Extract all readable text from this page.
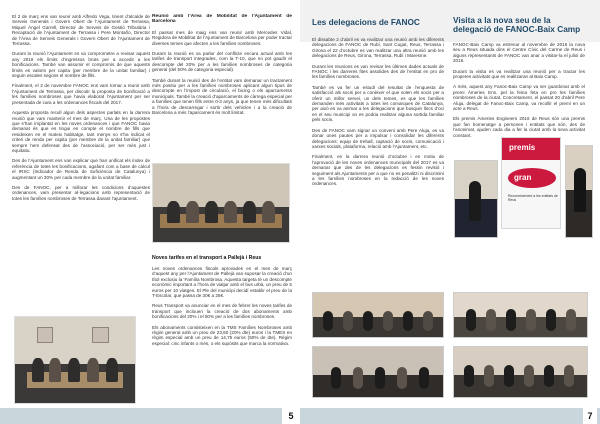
El 2 de març ens van reunir amb Alfredo Vega, tinent d’alcalde de Serveis Generals i Govern Obert de l’Ajuntament de Terrassa, Miquel Àngel Garrell, Director de Serveis de Gestió Tributària i Recaptació de l’Ajuntament de Terrassa i Pere Montaño, Director de l’Àrea de Serveis Generals i Govern Obert de l’Ajuntament de Terrassa.

Durant la reunió l’Ajuntament es va comprometre a revisar aquest any 2016 els límits d’ingressos bruts per a accedir a les bonificacions. També van assumir el compromís de que aquests límits es valorin per capita (per membre de la unitat familiar) i seguin escales segons el nombre de fills.

Finalment, el 2 de novembre FANOC ens vam tornar a reunir amb l’Ajuntament de Terrassa, per discutir la proposta de bonificació a les famílies nombroses que havia elaborat l’Ajuntament per ser presentada de cara a les ordenances fiscals del 2017.

Aquesta proposta recull algun dels aspectes parlats en la darrera reunió que vam mantenir el mes de març. Una de les propostes que s’han implantat en les noves ordenances i que FANOC havia demanat és que es tingui en compte el nombre de fills que resideixen en el mateix habitatge, tant menys no s’ha indicat el criteri de renda per capita (per membre de la unitat familiar) que sempre hem defensat des de l’associació, per ser més just i equitatiu.

Des de l’Ajuntament ens van explicar que han unificat els índex de referència de totes les bonificacions, agafant com a base de càlcul el IRSC (Indicador de Renda de Suficiència de Catalunya) i augmentant un 30% per cada membre de la unitat familiar.

Des de FANOC, per a millorar les condicions d’aquestes ordenances, vam presentar al·legacions amb representació de totes les famílies nombroses de Terrassa davant l’ajuntament.

Reunió amb l’Àrea de Mobilitat de l’Ajuntament de Barcelona

El passat mes de maig ens van reunir amb Mercedes Vidal, Regidora de Mobilitat de l’Ajuntament de Barcelona per poder tractar diverses temes que afecten a les famílies nombroses.

Durant la reunió es va parlar del conflicte encara actual amb les tarifes de transport integrades, com la T-10, que no pot gaudir el descompte del 20% per a les famílies nombroses de categoria general (del 50% de categoria especial).

També durant la reunió des de l’entitat vam demanar un tractament més positiu per a les famílies nombroses aplicant algun tipus de descompte en l’impost de circulació, el bicing o els aparcaments municipals. També la creació d’aparcaments de càrrega especial per a famílies que tenen fills entre 0-3 anys, ja que tenen més dificultats a l’hora de descarregar i sortir dels vehicles i a la creació de Barcelona a més l’aparcament és molt limitat.

Noves tarifes en el transport a Pallejà i Reus

Les noves ordenances fiscals aprovades en el mes de març d’aquest any per l’Ajuntament de Pallejà van suposar la creació d’un títol exclusiu la ‘Família Nombrosa. Aquesta targeta té un descompte econòmic important a l’hora de viatjar amb el bus urbà, un preu de 5 euros per 10 viatges. El Ple del municipi decidí establir el preu de la T-Escolar, que passa de 30€ a 25€.

Reus Transport va anunciar en el mes de febrer les noves tarifes de transport que inclouen la creació de dos abonaments amb bonificacions del 20% i el 50% per a les famílies nombroses.

Els abonaments consisteixen en la TMS Famílies Nombroses amb règim general amb un preu de 23,60 (20% dte) euros i la TMES en règim especial amb un preu de 14,75 euros (50% de dte). Règim especial: cinc infants o més, o els supòsits que marca la normativa.

5
Les delegacions de FANOC

El dissabte 2 d’abril es va realitzar una reunió amb les diferents delegacions de FANOC de Rubí, Sant Cugat, Reus, Terrassa i Girona el 22 d’octubre es van realitzar una altra reunió amb les delegacions de Reus, Girona, Terrassa, Rubí i Maresme.

Durant les reunions es van revisar les últimes dades actuals de FANOC i les darreres fites assolides des de l’entitat en pro de les famílies nombroses.

També es va fer un estudi del resultat de l’enquesta de satisfacció als socis per a conèixer el que volen els socis per a oferir un millor servei, un dels temes, es que les famílies demanden més activitats a totes les comarques de Catalunya, per això es va animar a les delegacions que busquin llocs d’oci en el seu municipi on es podria realitzar alguna sortida familiar pels socis.

Des de FANOC vam signar un conveni amb Pere Aluja, es va donar unes pautes per a impulsar i consolidar les diferents delegacions: equip de treball, captació de socis, comunicació i xarxes socials, plataforma, relació amb l’Ajuntament, etc.

Finalment, en la darrera reunió d’octubre i en motiu de l’aprovació de les noves ordenances municipals del 2017 es va demanar que des de les delegacions es fessin revisió i seguiment als Ajuntaments per a que no es penalitzi ni discrimini a les famílies nombroses en la redacció de les noves ordenances.

Visita a la nova seu de la delegació de FANOC-Baix Camp

FANOC-Baix Camp va estrenar al novembre de 2015 la nova seu a Reus situada dins el Centre Cívic del Carme de Reus i alguns representants de FANOC van anar a visitar-la el juliol de 2016.

Durant la visita es va realitzar una reunió per a tractar les properes activitats que es realitzaran al Baix Camp.

A més, aquest any Fanoc-Baix Camp va ser guardonat amb el premi Àmeries Ens. pel la feina feta en pro les famílies nombroses de la ciutat. Concretament, el passat 20 d’abril Pere Aluja, delegat de Fanoc-Baix Camp, va recollir el premi en un acte a Reus.

Els premis Àmeries Engineers 2016 de Reus són una premis que fan homenatge a persones i entitats que són, des de l’anonimat, ajuden cada dia a fer la ciutat amb la seva activitat constant.

premis
gran
Reconeixement a les entitats de Reus
7
